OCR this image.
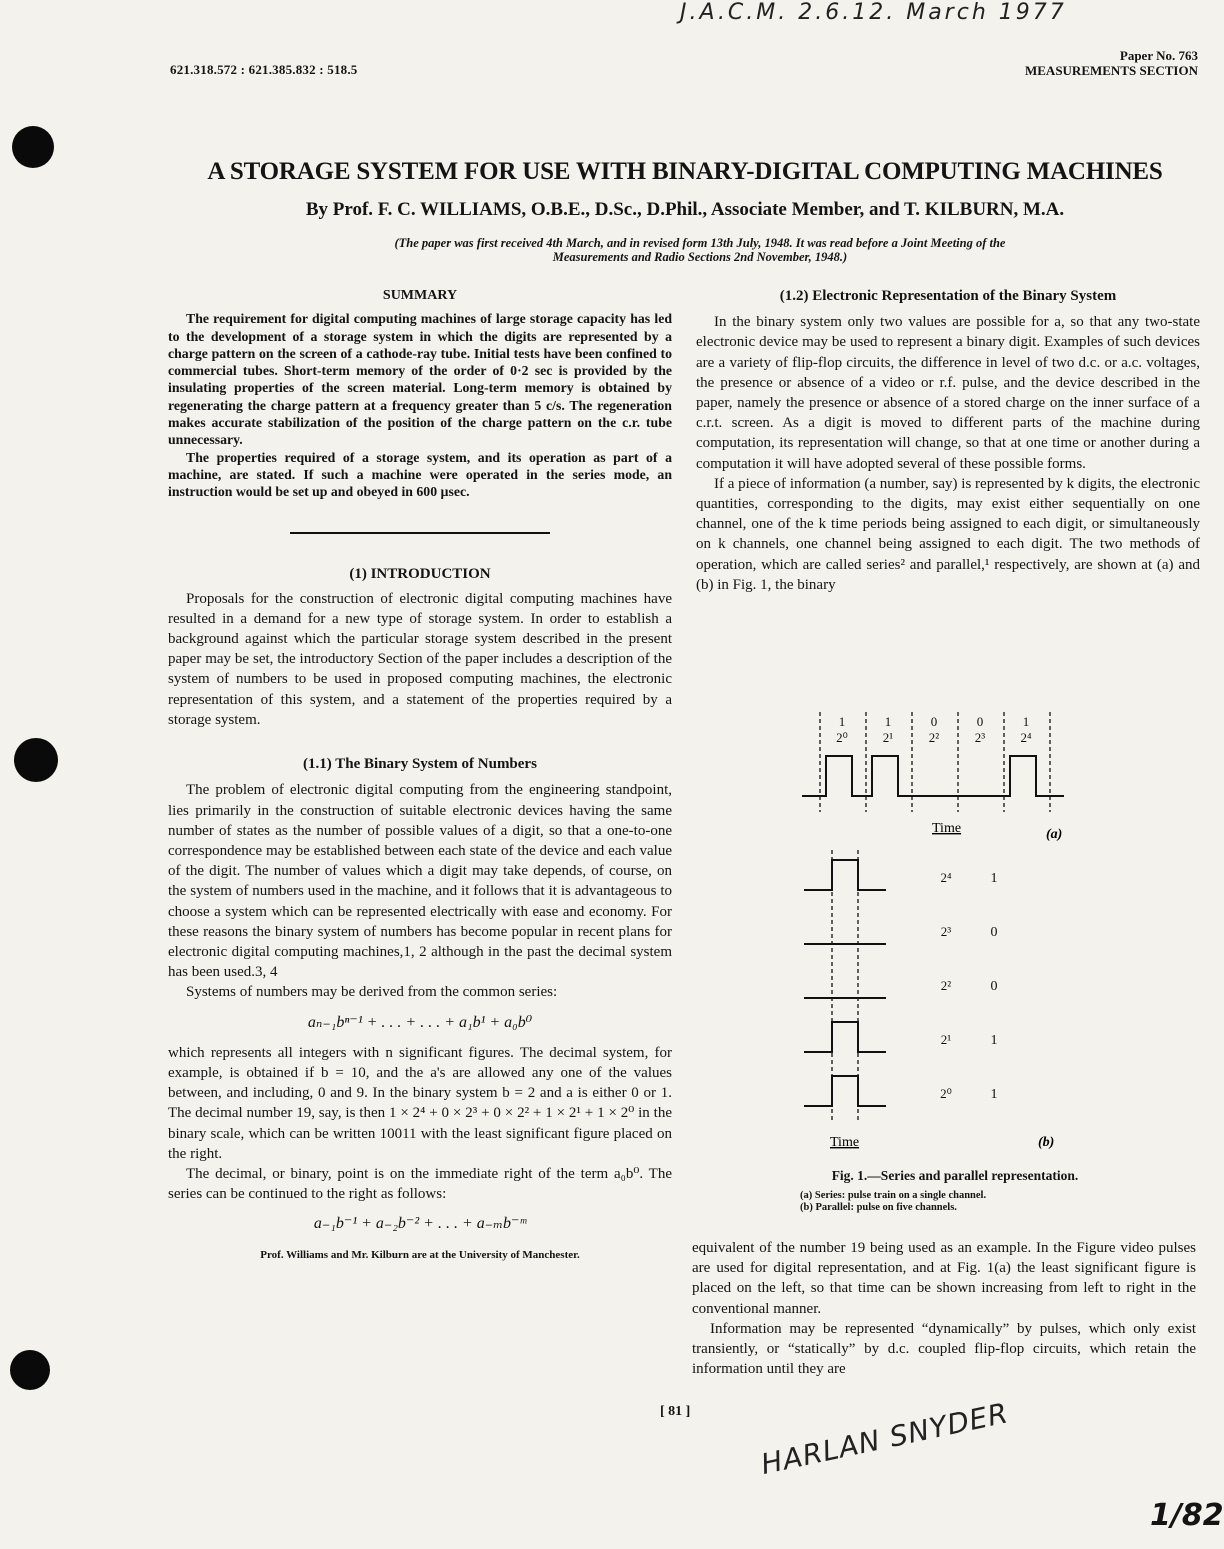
J.A.C.M. 2.6.12. March 1977
621.318.572 : 621.385.832 : 518.5
Paper No. 763
MEASUREMENTS SECTION
A STORAGE SYSTEM FOR USE WITH BINARY-DIGITAL COMPUTING MACHINES
By Prof. F. C. WILLIAMS, O.B.E., D.Sc., D.Phil., Associate Member, and T. KILBURN, M.A.
(The paper was first received 4th March, and in revised form 13th July, 1948. It was read before a Joint Meeting of the
Measurements and Radio Sections 2nd November, 1948.)
SUMMARY

The requirement for digital computing machines of large storage capacity has led to the development of a storage system in which the digits are represented by a charge pattern on the screen of a cathode-ray tube. Initial tests have been confined to commercial tubes. Short-term memory of the order of 0·2 sec is provided by the insulating properties of the screen material. Long-term memory is obtained by regenerating the charge pattern at a frequency greater than 5 c/s. The regeneration makes accurate stabilization of the position of the charge pattern on the c.r. tube unnecessary.

The properties required of a storage system, and its operation as part of a machine, are stated. If such a machine were operated in the series mode, an instruction would be set up and obeyed in 600 µsec.

(1) INTRODUCTION

Proposals for the construction of electronic digital computing machines have resulted in a demand for a new type of storage system. In order to establish a background against which the particular storage system described in the present paper may be set, the introductory Section of the paper includes a description of the system of numbers to be used in proposed computing machines, the electronic representation of this system, and a statement of the properties required by a storage system.

(1.1) The Binary System of Numbers

The problem of electronic digital computing from the engineering standpoint, lies primarily in the construction of suitable electronic devices having the same number of states as the number of possible values of a digit, so that a one-to-one correspondence may be established between each state of the device and each value of the digit. The number of values which a digit may take depends, of course, on the system of numbers used in the machine, and it follows that it is advantageous to choose a system which can be represented electrically with ease and economy. For these reasons the binary system of numbers has become popular in recent plans for electronic digital computing machines,1, 2 although in the past the decimal system has been used.3, 4

Systems of numbers may be derived from the common series:

aₙ₋₁bⁿ⁻¹ + . . . + . . . + a₁b¹ + a₀b⁰

which represents all integers with n significant figures. The decimal system, for example, is obtained if b = 10, and the a's are allowed any one of the values between, and including, 0 and 9. In the binary system b = 2 and a is either 0 or 1. The decimal number 19, say, is then 1 × 2⁴ + 0 × 2³ + 0 × 2² + 1 × 2¹ + 1 × 2⁰ in the binary scale, which can be written 10011 with the least significant figure placed on the right.

The decimal, or binary, point is on the immediate right of the term a₀b⁰. The series can be continued to the right as follows:

a₋₁b⁻¹ + a₋₂b⁻² + . . . + a₋ₘb⁻ᵐ

Prof. Williams and Mr. Kilburn are at the University of Manchester.

(1.2) Electronic Representation of the Binary System

In the binary system only two values are possible for a, so that any two-state electronic device may be used to represent a binary digit. Examples of such devices are a variety of flip-flop circuits, the difference in level of two d.c. or a.c. voltages, the presence or absence of a video or r.f. pulse, and the device described in the paper, namely the presence or absence of a stored charge on the inner surface of a c.r.t. screen. As a digit is moved to different parts of the machine during computation, its representation will change, so that at one time or another during a computation it will have adopted several of these possible forms.

If a piece of information (a number, say) is represented by k digits, the electronic quantities, corresponding to the digits, may exist either sequentially on one channel, one of the k time periods being assigned to each digit, or simultaneously on k channels, one channel being assigned to each digit. The two methods of operation, which are called series² and parallel,¹ respectively, are shown at (a) and (b) in Fig. 1, the binary

1
2⁰
1
2¹
0
2²
0
2³
1
2⁴
2⁴	1
2³	0
2²	0
2¹	1
2⁰	1
Time	(a)
Time	(b)
Fig. 1.—Series and parallel representation.
(a) Series: pulse train on a single channel.
(b) Parallel: pulse on five channels.

equivalent of the number 19 being used as an example. In the Figure video pulses are used for digital representation, and at Fig. 1(a) the least significant figure is placed on the left, so that time can be shown increasing from left to right in the conventional manner.

Information may be represented “dynamically” by pulses, which only exist transiently, or “statically” by d.c. coupled flip-flop circuits, which retain the information until they are

[ 81 ] HARLAN SNYDER
1/82
